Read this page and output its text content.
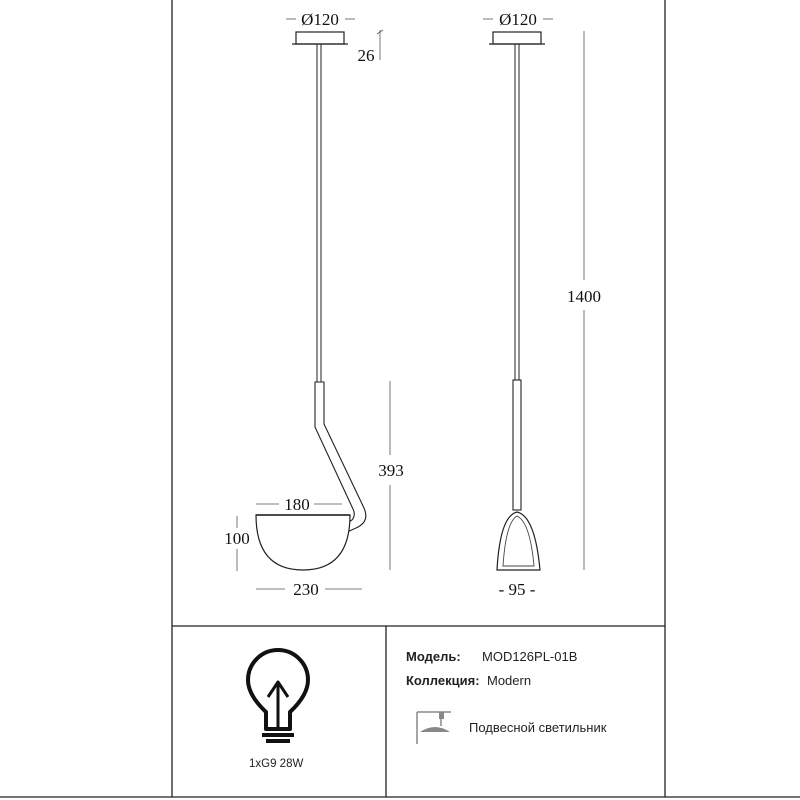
Ø120
26
180
100
393
230
Ø120
1400
- 95 -
1xG9 28W
Модель: MOD126PL-01B
Коллекция: Modern
Подвесной светильник
